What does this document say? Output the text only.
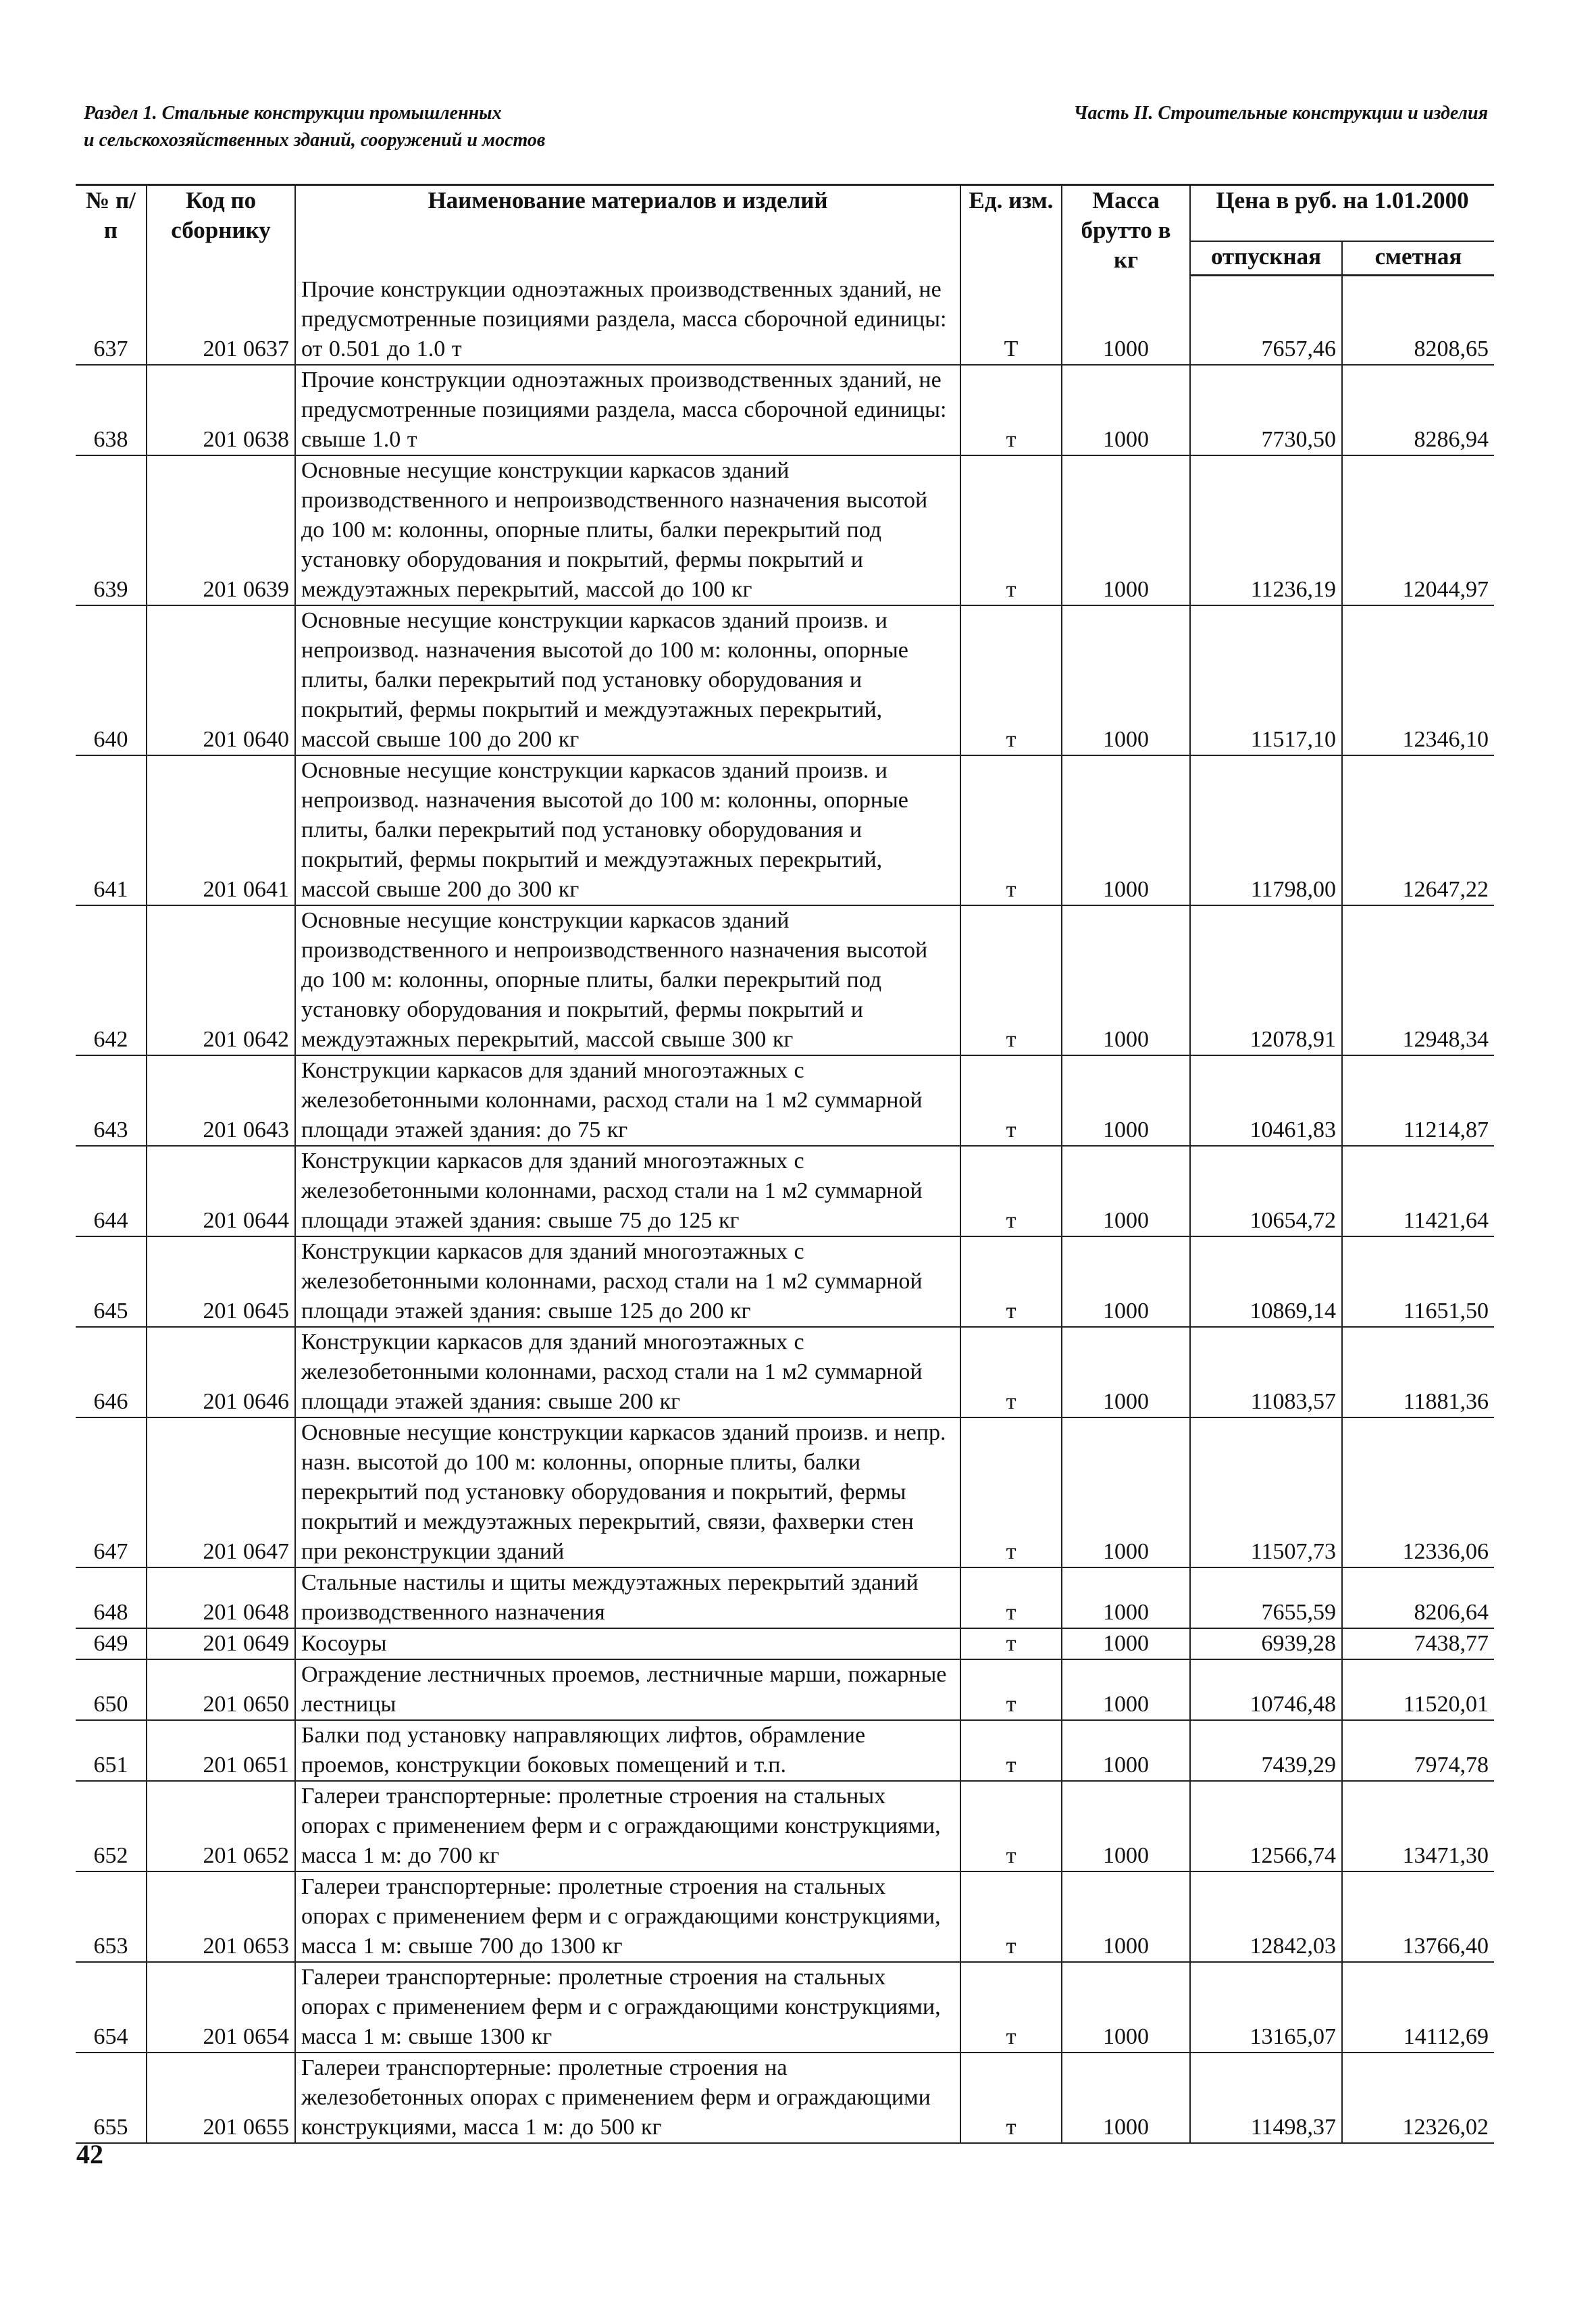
Раздел 1. Стальные конструкции промышленных
и сельскохозяйственных зданий, сооружений и мостов
Часть II. Строительные конструкции и изделия
№ п/п	Код по сборнику	Наименование материалов и изделий	Ед. изм.	Масса брутто в кг	Цена в руб. на 1.01.2000	
					отпускная	сметная
637	201 0637	Прочие конструкции одноэтажных производственных зданий, не предусмотренные позициями раздела, масса сборочной единицы: от 0.501 до 1.0 т	Т	1000	7657,46	8208,65
638	201 0638	Прочие конструкции одноэтажных производственных зданий, не предусмотренные позициями раздела, масса сборочной единицы: свыше 1.0 т	т	1000	7730,50	8286,94
639	201 0639	Основные несущие конструкции каркасов зданий производственного и непроизводственного назначения высотой до 100 м: колонны, опорные плиты, балки перекрытий под установку оборудования и покрытий, фермы покрытий и междуэтажных перекрытий, массой до 100 кг	т	1000	11236,19	12044,97
640	201 0640	Основные несущие конструкции каркасов зданий произв. и непроизвод. назначения высотой до 100 м: колонны, опорные плиты, балки перекрытий под установку оборудования и покрытий, фермы покрытий и междуэтажных перекрытий, массой свыше 100 до 200 кг	т	1000	11517,10	12346,10
641	201 0641	Основные несущие конструкции каркасов зданий произв. и непроизвод. назначения высотой до 100 м: колонны, опорные плиты, балки перекрытий под установку оборудования и покрытий, фермы покрытий и междуэтажных перекрытий, массой свыше 200 до 300 кг	т	1000	11798,00	12647,22
642	201 0642	Основные несущие конструкции каркасов зданий производственного и непроизводственного назначения высотой до 100 м: колонны, опорные плиты, балки перекрытий под установку оборудования и покрытий, фермы покрытий и междуэтажных перекрытий, массой свыше 300 кг	т	1000	12078,91	12948,34
643	201 0643	Конструкции каркасов для зданий многоэтажных с железобетонными колоннами, расход стали на 1 м2 суммарной площади этажей здания: до 75 кг	т	1000	10461,83	11214,87
644	201 0644	Конструкции каркасов для зданий многоэтажных с железобетонными колоннами, расход стали на 1 м2 суммарной площади этажей здания: свыше 75 до 125 кг	т	1000	10654,72	11421,64
645	201 0645	Конструкции каркасов для зданий многоэтажных с железобетонными колоннами, расход стали на 1 м2 суммарной площади этажей здания: свыше 125 до 200 кг	т	1000	10869,14	11651,50
646	201 0646	Конструкции каркасов для зданий многоэтажных с железобетонными колоннами, расход стали на 1 м2 суммарной площади этажей здания: свыше 200 кг	т	1000	11083,57	11881,36
647	201 0647	Основные несущие конструкции каркасов зданий произв. и непр. назн. высотой до 100 м: колонны, опорные плиты, балки перекрытий под установку оборудования и покрытий, фермы покрытий и междуэтажных перекрытий, связи, фахверки стен при реконструкции зданий	т	1000	11507,73	12336,06
648	201 0648	Стальные настилы и щиты междуэтажных перекрытий зданий производственного назначения	т	1000	7655,59	8206,64
649	201 0649	Косоуры	т	1000	6939,28	7438,77
650	201 0650	Ограждение лестничных проемов, лестничные марши, пожарные лестницы	т	1000	10746,48	11520,01
651	201 0651	Балки под установку направляющих лифтов, обрамление проемов, конструкции боковых помещений и т.п.	т	1000	7439,29	7974,78
652	201 0652	Галереи транспортерные: пролетные строения на стальных опорах с применением ферм и с ограждающими конструкциями, масса 1 м: до 700 кг	т	1000	12566,74	13471,30
653	201 0653	Галереи транспортерные: пролетные строения на стальных опорах с применением ферм и с ограждающими конструкциями, масса 1 м: свыше 700 до 1300 кг	т	1000	12842,03	13766,40
654	201 0654	Галереи транспортерные: пролетные строения на стальных опорах с применением ферм и с ограждающими конструкциями, масса 1 м: свыше 1300 кг	т	1000	13165,07	14112,69
655	201 0655	Галереи транспортерные: пролетные строения на железобетонных опорах с применением ферм и ограждающими конструкциями, масса 1 м: до 500 кг	т	1000	11498,37	12326,02
42
